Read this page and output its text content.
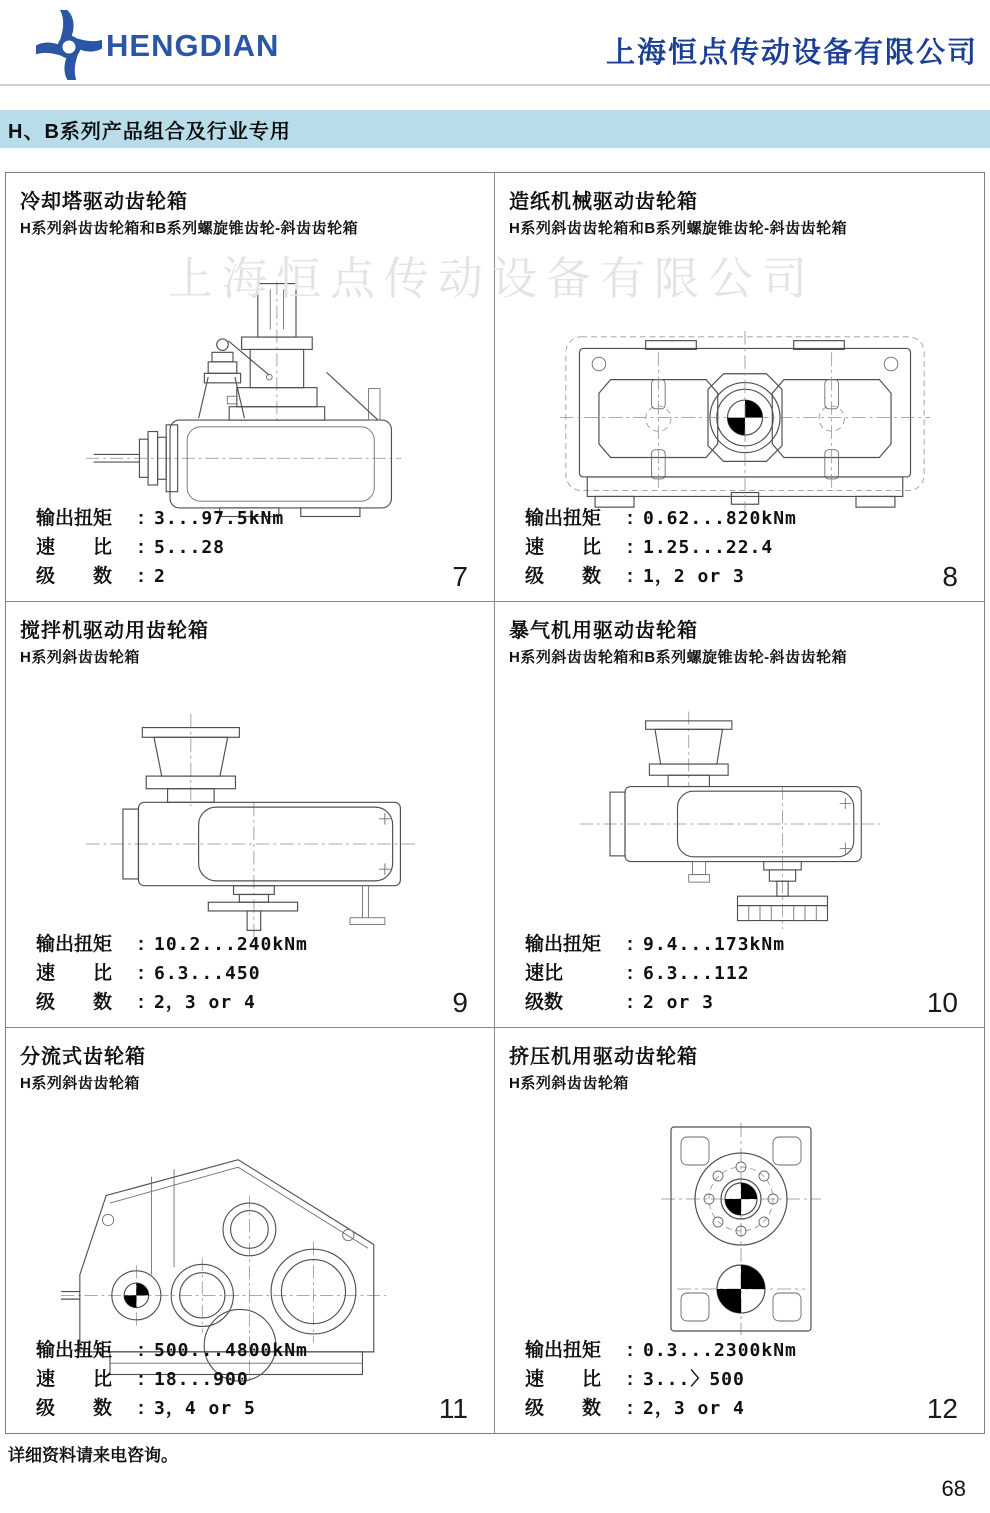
HENGDIAN	上海恒点传动设备有限公司
H、B系列产品组合及行业专用
上海恒点传动设备有限公司
冷却塔驱动齿轮箱
H系列斜齿齿轮箱和B系列螺旋锥齿轮-斜齿齿轮箱
输出扭矩	: 3...97.5kNm
速　　比	: 5...28
级　　数	: 2	7
造纸机械驱动齿轮箱
H系列斜齿齿轮箱和B系列螺旋锥齿轮-斜齿齿轮箱
输出扭矩	: 0.62...820kNm
速　　比	: 1.25...22.4
级　　数	: 1，2 or 3	8
搅拌机驱动用齿轮箱
H系列斜齿齿轮箱
输出扭矩	: 10.2...240kNm
速　　比	: 6.3...450
级　　数	: 2，3 or 4	9
暴气机用驱动齿轮箱
H系列斜齿齿轮箱和B系列螺旋锥齿轮-斜齿齿轮箱
输出扭矩	: 9.4...173kNm
速比	: 6.3...112
级数	: 2 or 3	10
分流式齿轮箱
H系列斜齿齿轮箱
输出扭矩	: 500...4800kNm
速　　比	: 18...900
级　　数	: 3，4 or 5	11
挤压机用驱动齿轮箱
H系列斜齿齿轮箱
输出扭矩	: 0.3...2300kNm
速　　比	: 3...〉500
级　　数	: 2，3 or 4	12
详细资料请来电咨询。
68
